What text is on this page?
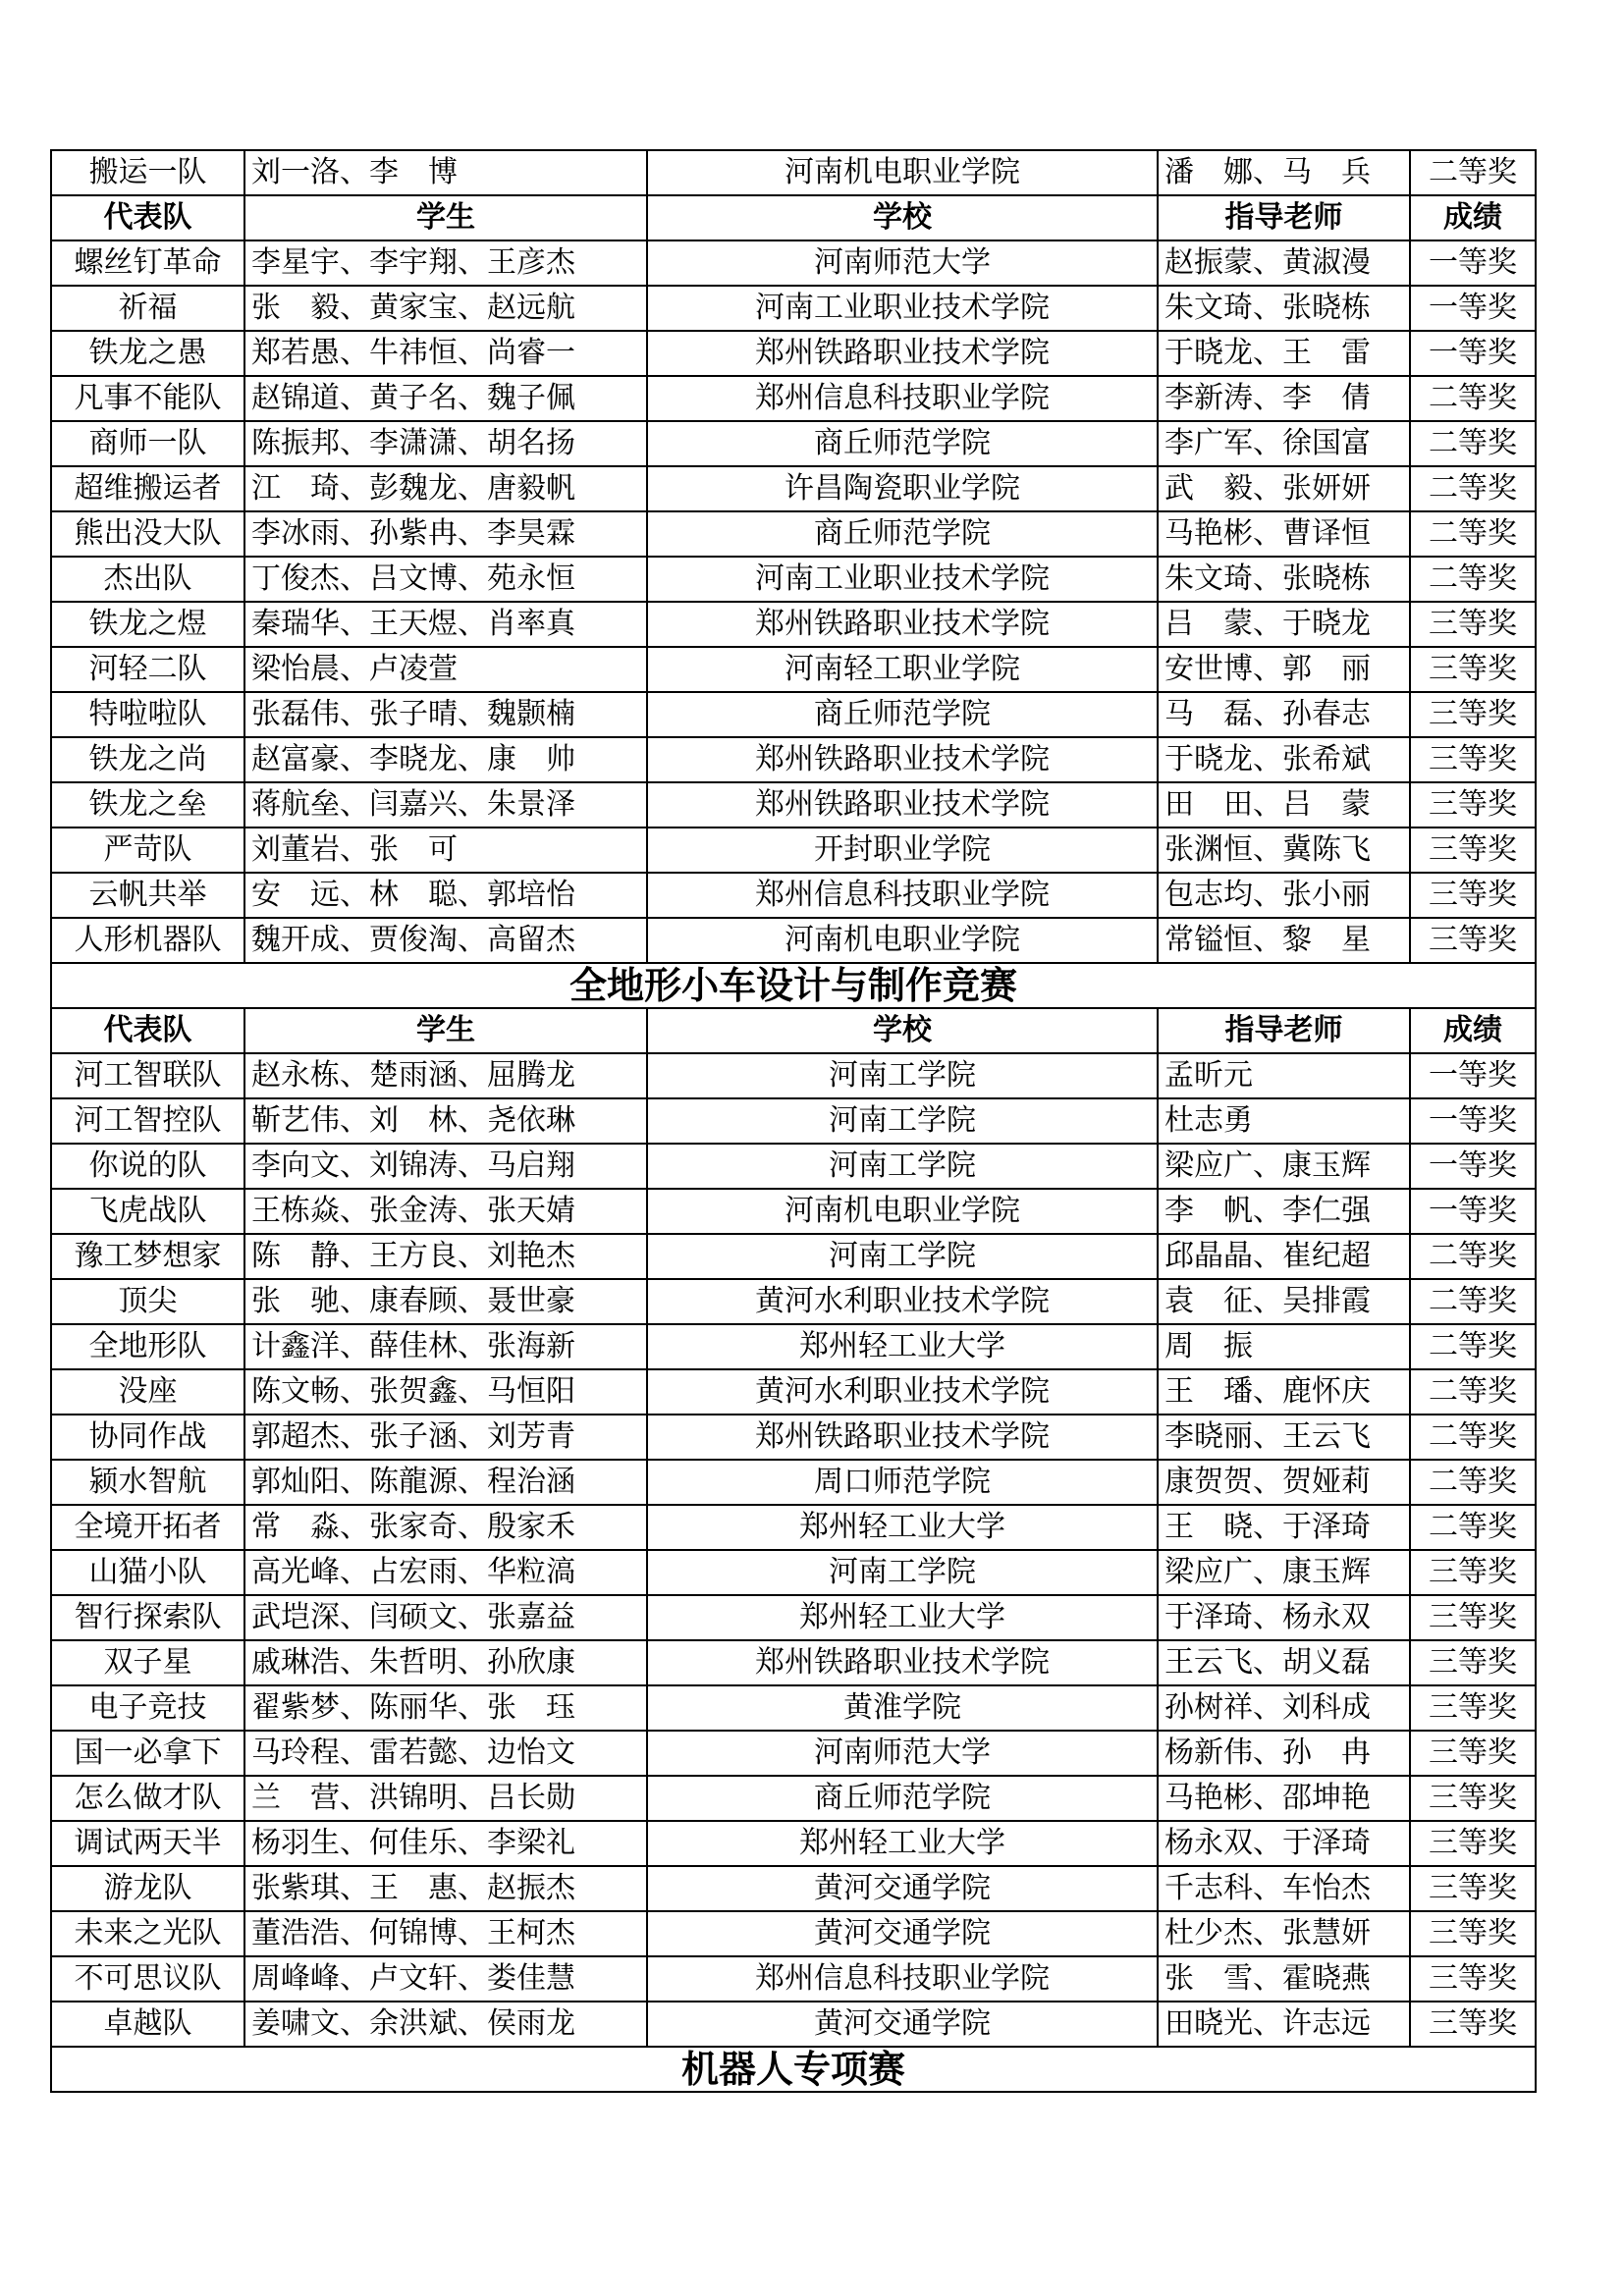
搬运一队	刘一洛、李　博	河南机电职业学院	潘　娜、马　兵	二等奖
代表队	学生	学校	指导老师	成绩
螺丝钉革命	李星宇、李宇翔、王彦杰	河南师范大学	赵振蒙、黄淑漫	一等奖
祈福	张　毅、黄家宝、赵远航	河南工业职业技术学院	朱文琦、张晓栋	一等奖
铁龙之愚	郑若愚、牛祎恒、尚睿一	郑州铁路职业技术学院	于晓龙、王　雷	一等奖
凡事不能队	赵锦道、黄子名、魏子佩	郑州信息科技职业学院	李新涛、李　倩	二等奖
商师一队	陈振邦、李潇潇、胡名扬	商丘师范学院	李广军、徐国富	二等奖
超维搬运者	江　琦、彭魏龙、唐毅帆	许昌陶瓷职业学院	武　毅、张妍妍	二等奖
熊出没大队	李冰雨、孙紫冉、李昊霖	商丘师范学院	马艳彬、曹译恒	二等奖
杰出队	丁俊杰、吕文博、苑永恒	河南工业职业技术学院	朱文琦、张晓栋	二等奖
铁龙之煜	秦瑞华、王天煜、肖率真	郑州铁路职业技术学院	吕　蒙、于晓龙	三等奖
河轻二队	梁怡晨、卢凌萱	河南轻工职业学院	安世博、郭　丽	三等奖
特啦啦队	张磊伟、张子晴、魏颢楠	商丘师范学院	马　磊、孙春志	三等奖
铁龙之尚	赵富豪、李晓龙、康　帅	郑州铁路职业技术学院	于晓龙、张希斌	三等奖
铁龙之垒	蒋航垒、闫嘉兴、朱景泽	郑州铁路职业技术学院	田　田、吕　蒙	三等奖
严苛队	刘董岩、张　可	开封职业学院	张渊恒、冀陈飞	三等奖
云帆共举	安　远、林　聪、郭培怡	郑州信息科技职业学院	包志均、张小丽	三等奖
人形机器队	魏开成、贾俊淘、高留杰	河南机电职业学院	常镒恒、黎　星	三等奖
全地形小车设计与制作竞赛				
代表队	学生	学校	指导老师	成绩
河工智联队	赵永栋、楚雨涵、屈腾龙	河南工学院	孟昕元	一等奖
河工智控队	靳艺伟、刘　林、尧依琳	河南工学院	杜志勇	一等奖
你说的队	李向文、刘锦涛、马启翔	河南工学院	梁应广、康玉辉	一等奖
飞虎战队	王栋焱、张金涛、张天婧	河南机电职业学院	李　帆、李仁强	一等奖
豫工梦想家	陈　静、王方良、刘艳杰	河南工学院	邱晶晶、崔纪超	二等奖
顶尖	张　驰、康春顾、聂世豪	黄河水利职业技术学院	袁　征、吴排霞	二等奖
全地形队	计鑫洋、薛佳林、张海新	郑州轻工业大学	周　振	二等奖
没座	陈文畅、张贺鑫、马恒阳	黄河水利职业技术学院	王　璠、鹿怀庆	二等奖
协同作战	郭超杰、张子涵、刘芳青	郑州铁路职业技术学院	李晓丽、王云飞	二等奖
颍水智航	郭灿阳、陈龍源、程治涵	周口师范学院	康贺贺、贺娅莉	二等奖
全境开拓者	常　淼、张家奇、殷家禾	郑州轻工业大学	王　晓、于泽琦	二等奖
山猫小队	高光峰、占宏雨、华粒滈	河南工学院	梁应广、康玉辉	三等奖
智行探索队	武垲深、闫硕文、张嘉益	郑州轻工业大学	于泽琦、杨永双	三等奖
双子星	戚琳浩、朱哲明、孙欣康	郑州铁路职业技术学院	王云飞、胡义磊	三等奖
电子竞技	翟紫梦、陈丽华、张　珏	黄淮学院	孙树祥、刘科成	三等奖
国一必拿下	马玲程、雷若懿、边怡文	河南师范大学	杨新伟、孙　冉	三等奖
怎么做才队	兰　营、洪锦明、吕长勋	商丘师范学院	马艳彬、邵坤艳	三等奖
调试两天半	杨羽生、何佳乐、李梁礼	郑州轻工业大学	杨永双、于泽琦	三等奖
游龙队	张紫琪、王　惠、赵振杰	黄河交通学院	千志科、车怡杰	三等奖
未来之光队	董浩浩、何锦博、王柯杰	黄河交通学院	杜少杰、张慧妍	三等奖
不可思议队	周峰峰、卢文轩、娄佳慧	郑州信息科技职业学院	张　雪、霍晓燕	三等奖
卓越队	姜啸文、余洪斌、侯雨龙	黄河交通学院	田晓光、许志远	三等奖
机器人专项赛				
